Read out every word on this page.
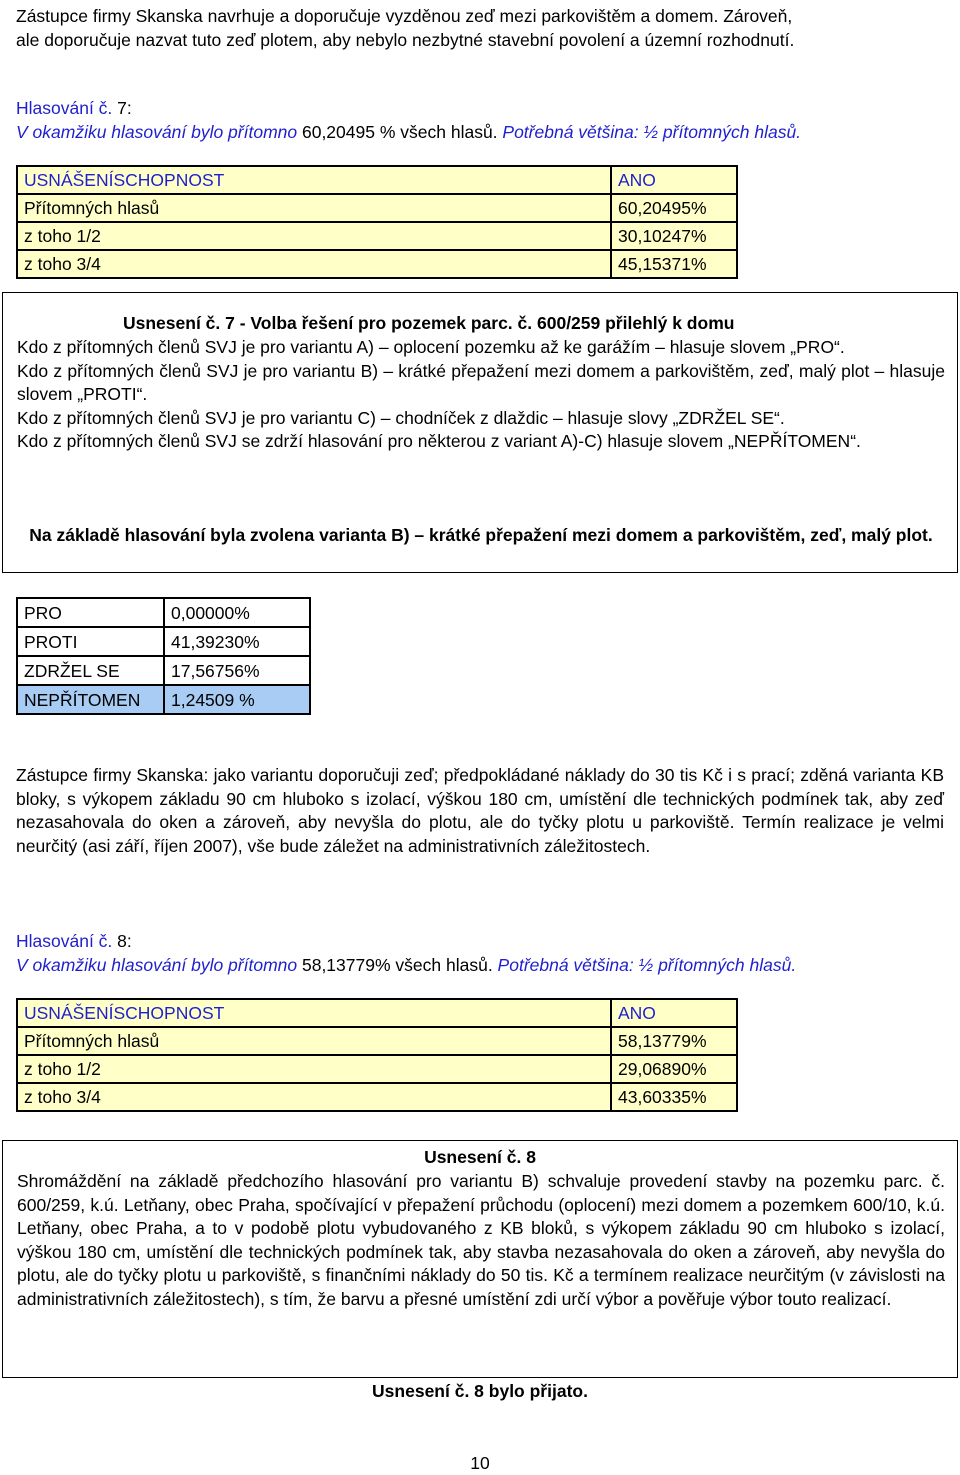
Zástupce firmy Skanska navrhuje a doporučuje vyzděnou zeď mezi parkovištěm a domem. Zároveň,
ale doporučuje nazvat tuto zeď plotem, aby nebylo nezbytné stavební povolení a územní rozhodnutí.
Hlasování č. 7:
V okamžiku hlasování bylo přítomno 60,20495 % všech hlasů. Potřebná většina: ½ přítomných hlasů.
USNÁŠENÍSCHOPNOST	ANO
Přítomných hlasů	60,20495%
z toho 1/2	30,10247%
z toho 3/4	45,15371%
Usnesení č. 7 - Volba řešení pro pozemek parc. č. 600/259 přilehlý k domu
Kdo z přítomných členů SVJ je pro variantu A) – oplocení pozemku až ke garážím – hlasuje slovem „PRO“.
Kdo z přítomných členů SVJ je pro variantu B) – krátké přepažení mezi domem a parkovištěm, zeď, malý plot – hlasuje slovem „PROTI“.
Kdo z přítomných členů SVJ je pro variantu C) – chodníček z dlaždic – hlasuje slovy „ZDRŽEL SE“.
Kdo z přítomných členů SVJ se zdrží hlasování pro některou z variant A)-C) hlasuje slovem „NEPŘÍTOMEN“.
Na základě hlasování byla zvolena varianta B) – krátké přepažení mezi domem a parkovištěm, zeď, malý plot.
PRO	0,00000%
PROTI	41,39230%
ZDRŽEL SE	17,56756%
NEPŘÍTOMEN	1,24509 %
Zástupce firmy Skanska: jako variantu doporučuji zeď; předpokládané náklady do 30 tis Kč i s prací; zděná varianta KB bloky, s výkopem základu 90 cm hluboko s izolací, výškou 180 cm, umístění dle technických podmínek tak, aby zeď nezasahovala do oken a zároveň, aby nevyšla do plotu, ale do tyčky plotu u parkoviště. Termín realizace je velmi neurčitý (asi září, říjen 2007), vše bude záležet na administrativních záležitostech.
Hlasování č. 8:
V okamžiku hlasování bylo přítomno 58,13779% všech hlasů. Potřebná většina: ½ přítomných hlasů.
USNÁŠENÍSCHOPNOST	ANO
Přítomných hlasů	58,13779%
z toho 1/2	29,06890%
z toho 3/4	43,60335%
Usnesení č. 8
Shromáždění na základě předchozího hlasování pro variantu B) schvaluje provedení stavby na pozemku parc. č. 600/259, k.ú. Letňany, obec Praha, spočívající v přepažení průchodu (oplocení) mezi domem a pozemkem 600/10, k.ú. Letňany, obec Praha, a to v podobě plotu vybudovaného z KB bloků, s výkopem základu 90 cm hluboko s izolací, výškou 180 cm, umístění dle technických podmínek tak, aby stavba nezasahovala do oken a zároveň, aby nevyšla do plotu, ale do tyčky plotu u parkoviště, s finančními náklady do 50 tis. Kč a termínem realizace neurčitým (v závislosti na administrativních záležitostech), s tím, že barvu a přesné umístění zdi určí výbor a pověřuje výbor touto realizací.
Usnesení č. 8 bylo přijato.
10
